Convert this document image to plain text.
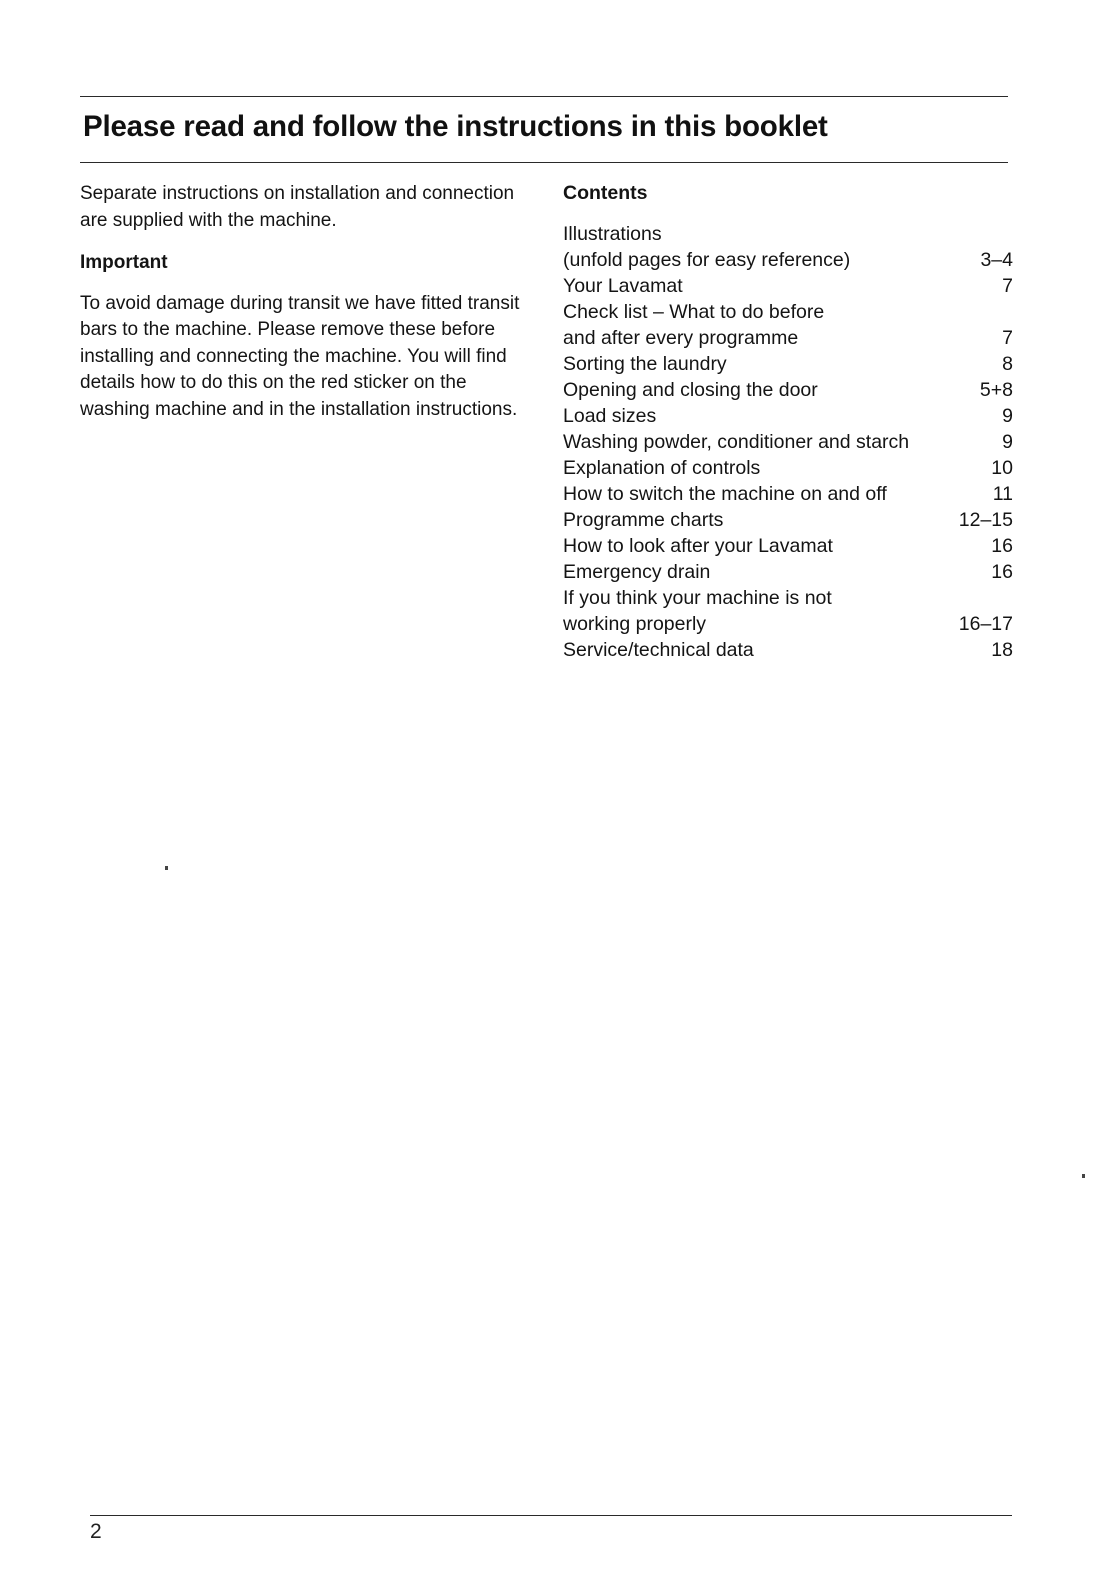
Please read and follow the instructions in this booklet

Separate instructions on installation and connection are supplied with the machine.

Important

To avoid damage during transit we have fitted transit bars to the machine. Please remove these before installing and connecting the machine. You will find details how to do this on the red sticker on the washing machine and in the installation instructions.

Contents

Illustrations
(unfold pages for easy reference)	3–4
Your Lavamat	7
Check list – What to do before
and after every programme	7
Sorting the laundry	8
Opening and closing the door	5+8
Load sizes	9
Washing powder, conditioner and starch	9
Explanation of controls	10
How to switch the machine on and off	11
Programme charts	12–15
How to look after your Lavamat	16
Emergency drain	16
If you think your machine is not
working properly	16–17
Service/technical data	18
2
